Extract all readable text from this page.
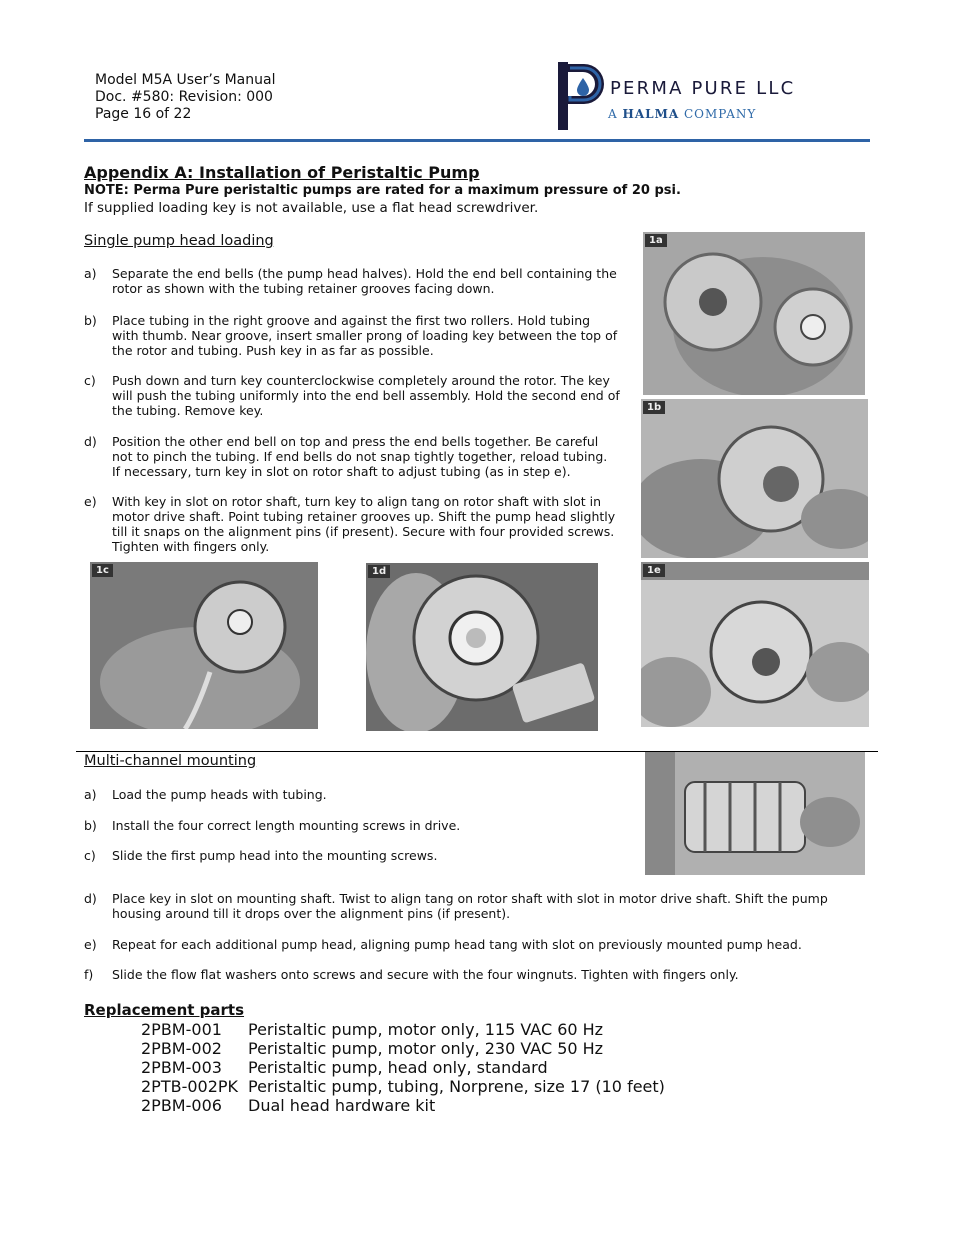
Model M5A User’s Manual
Doc. #580: Revision: 000
Page 16 of 22
PERMA PURE LLC
A HALMA COMPANY
Appendix A: Installation of Peristaltic Pump
NOTE: Perma Pure peristaltic pumps are rated for a maximum pressure of 20 psi.
If supplied loading key is not available, use a flat head screwdriver.
Single pump head loading
a) Separate the end bells (the pump head halves). Hold the end bell containing the
rotor as shown with the tubing retainer grooves facing down.
b) Place tubing in the right groove and against the first two rollers. Hold tubing
with thumb. Near groove, insert smaller prong of loading key between the top of
the rotor and tubing. Push key in as far as possible.
c) Push down and turn key counterclockwise completely around the rotor. The key
will push the tubing uniformly into the end bell assembly. Hold the second end of
the tubing. Remove key.
d) Position the other end bell on top and press the end bells together. Be careful
not to pinch the tubing. If end bells do not snap tightly together, reload tubing.
If necessary, turn key in slot on rotor shaft to adjust tubing (as in step e).
e) With key in slot on rotor shaft, turn key to align tang on rotor shaft with slot in
motor drive shaft. Point tubing retainer grooves up. Shift the pump head slightly
till it snaps on the alignment pins (if present). Secure with four provided screws.
Tighten with fingers only.
1a
1b
1c	1d	1e
Multi-channel mounting
a) Load the pump heads with tubing.
b) Install the four correct length mounting screws in drive.
c) Slide the first pump head into the mounting screws.
d) Place key in slot on mounting shaft. Twist to align tang on rotor shaft with slot in motor drive shaft. Shift the pump
housing around till it drops over the alignment pins (if present).
e) Repeat for each additional pump head, aligning pump head tang with slot on previously mounted pump head.
f) Slide the flow flat washers onto screws and secure with the four wingnuts. Tighten with fingers only.
Replacement parts
2PBM-001 Peristaltic pump, motor only, 115 VAC 60 Hz
2PBM-002 Peristaltic pump, motor only, 230 VAC 50 Hz
2PBM-003 Peristaltic pump, head only, standard
2PTB-002PK Peristaltic pump, tubing, Norprene, size 17 (10 feet)
2PBM-006 Dual head hardware kit
